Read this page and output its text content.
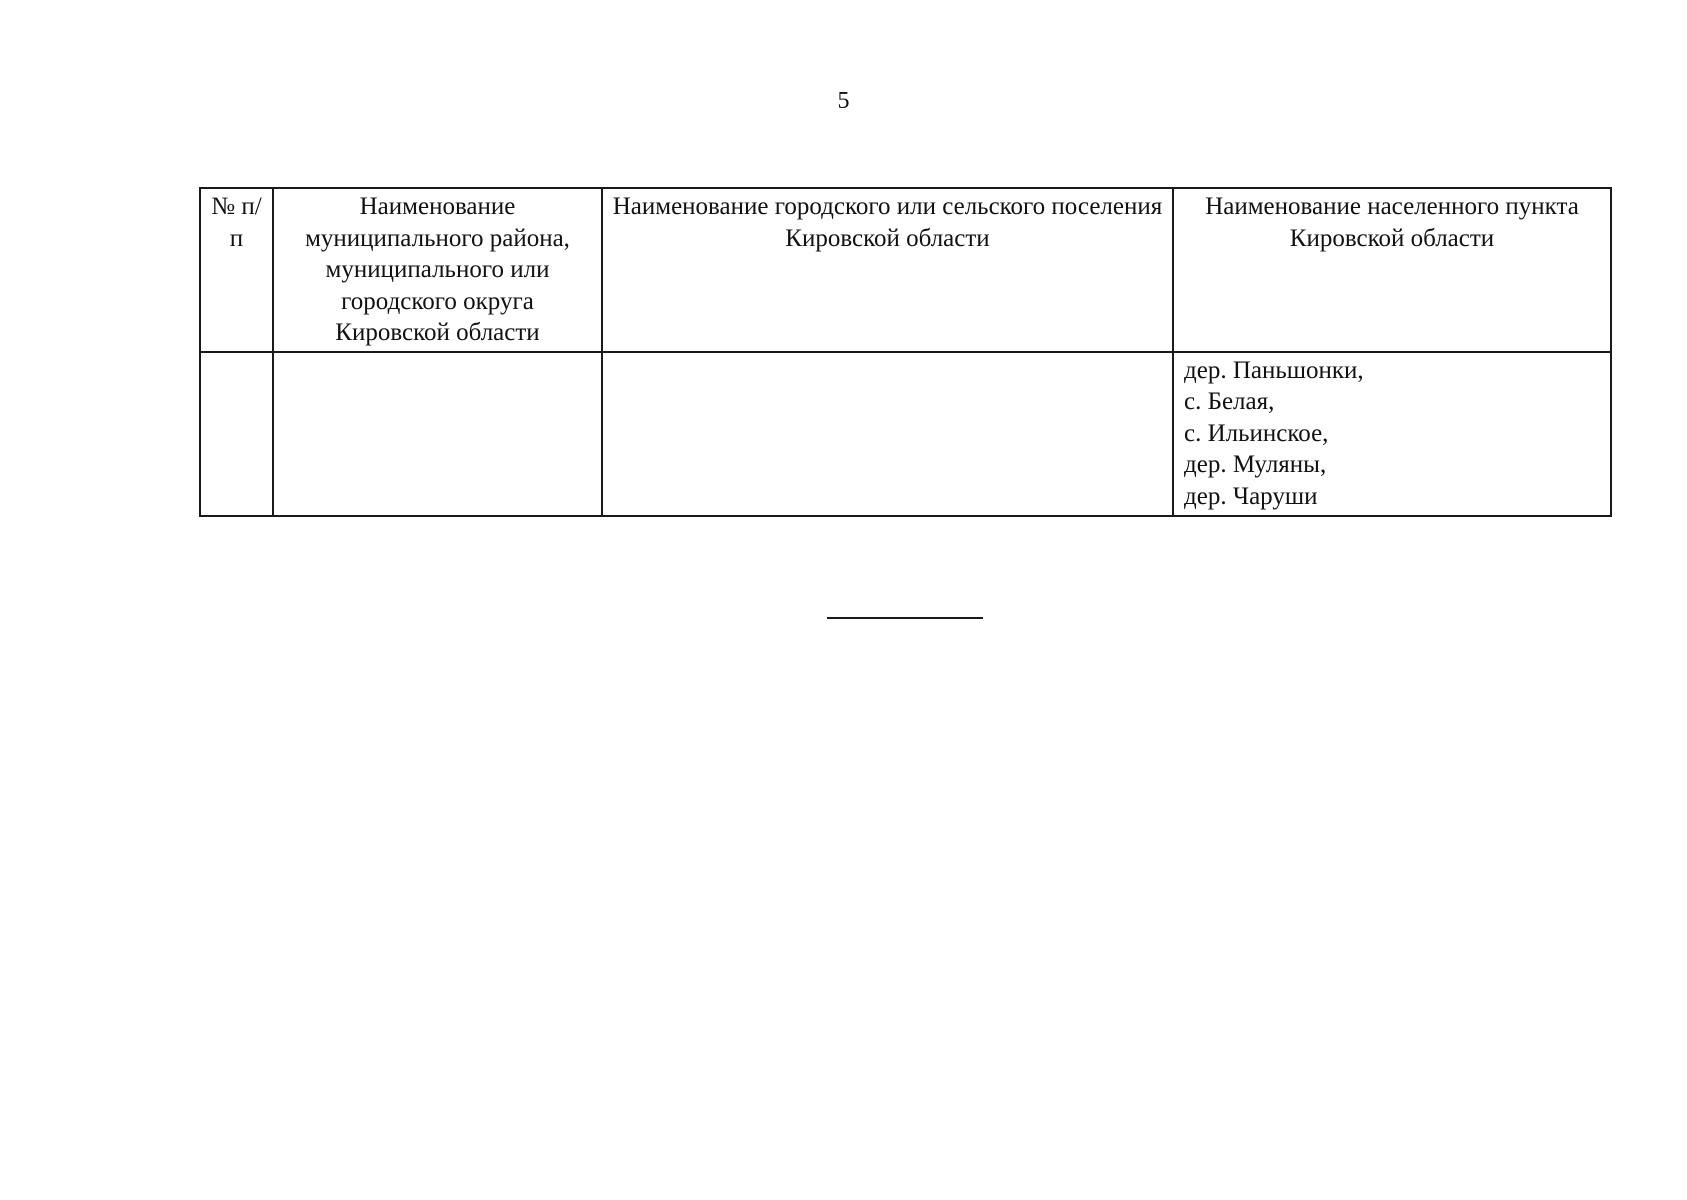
5
№ п/п	Наименование муниципального района, муниципального или городского округа Кировской области	Наименование городского или сельского поселения Кировской области	Наименование населенного пункта Кировской области

			дер. Паньшонки,
с. Белая,
с. Ильинское,
дер. Муляны,
дер. Чаруши
